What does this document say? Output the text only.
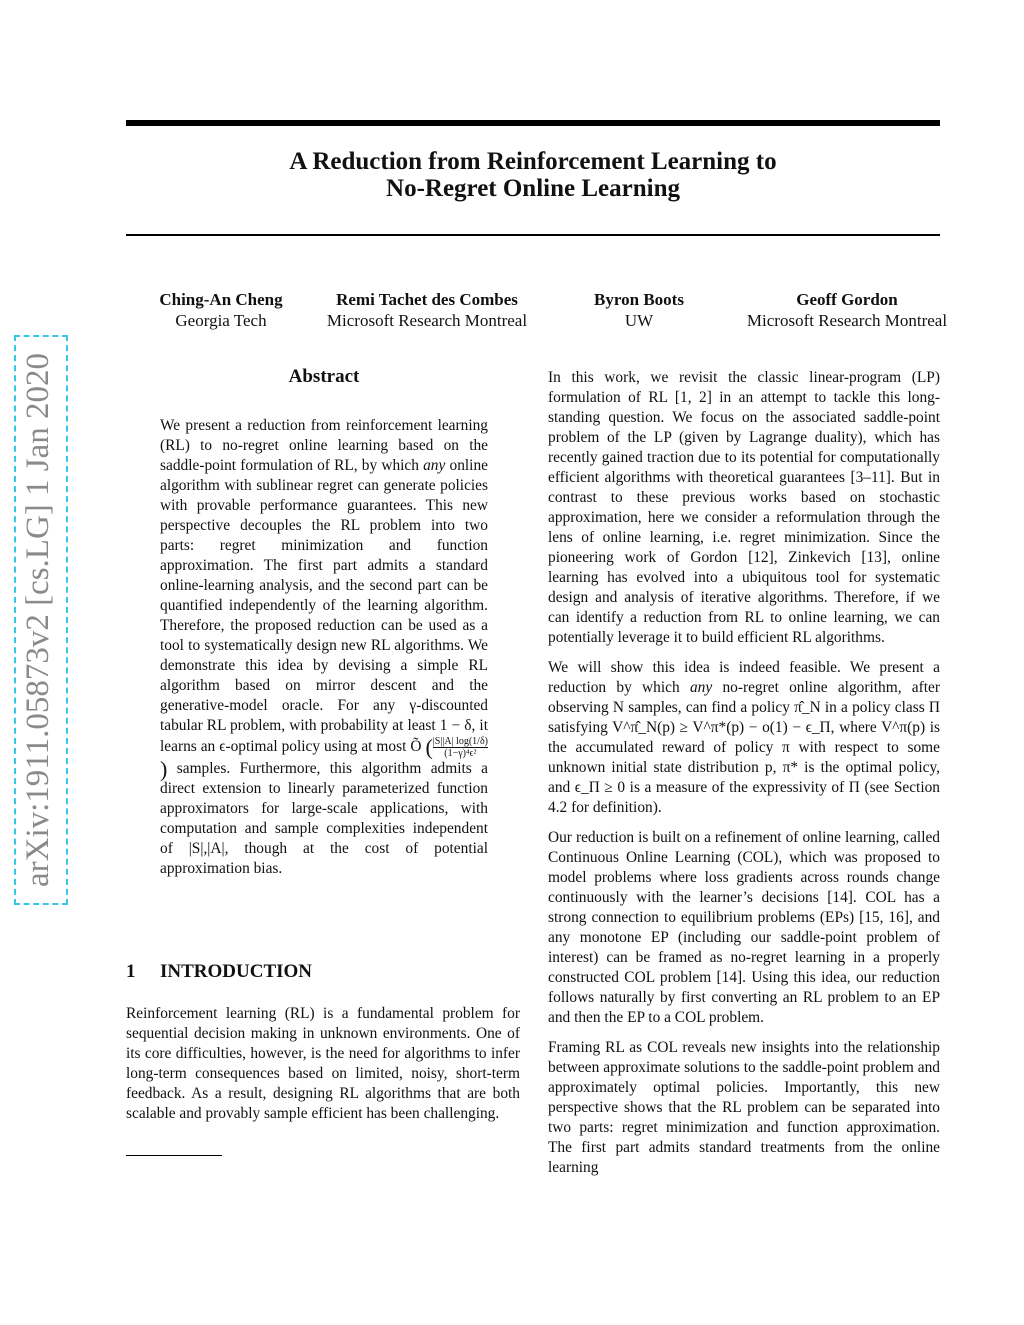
A Reduction from Reinforcement Learning to
No-Regret Online Learning
Ching-An Cheng
Georgia Tech
Remi Tachet des Combes
Microsoft Research Montreal
Byron Boots
UW
Geoff Gordon
Microsoft Research Montreal
arXiv:1911.05873v2 [cs.LG] 1 Jan 2020	Abstract
We present a reduction from reinforcement learning (RL) to no-regret online learning based on the saddle-point formulation of RL, by which any online algorithm with sublinear regret can generate policies with provable performance guarantees. This new perspective decouples the RL problem into two parts: regret minimization and function approximation. The first part admits a standard online-learning analysis, and the second part can be quantified independently of the learning algorithm. Therefore, the proposed reduction can be used as a tool to systematically design new RL algorithms. We demonstrate this idea by devising a simple RL algorithm based on mirror descent and the generative-model oracle. For any γ-discounted tabular RL problem, with probability at least 1 − δ, it learns an ϵ-optimal policy using at most Õ ( $\frac{|S||A| \log(1/\delta)}{\text{(1−γ)⁴ϵ²}}$) samples. Furthermore, this algorithm admits a direct extension to linearly parameterized function approximators for large-scale applications, with computation and sample complexities independent of |S|,|A|, though at the cost of potential approximation bias.
1 INTRODUCTION
Reinforcement learning (RL) is a fundamental problem for sequential decision making in unknown environments. One of its core difficulties, however, is the need for algorithms to infer long-term consequences based on limited, noisy, short-term feedback. As a result, designing RL algorithms that are both scalable and provably sample efficient has been challenging.

In this work, we revisit the classic linear-program (LP) formulation of RL [1, 2] in an attempt to tackle this long-standing question. We focus on the associated saddle-point problem of the LP (given by Lagrange duality), which has recently gained traction due to its potential for computationally efficient algorithms with theoretical guarantees [3–11]. But in contrast to these previous works based on stochastic approximation, here we consider a reformulation through the lens of online learning, i.e. regret minimization. Since the pioneering work of Gordon [12], Zinkevich [13], online learning has evolved into a ubiquitous tool for systematic design and analysis of iterative algorithms. Therefore, if we can identify a reduction from RL to online learning, we can potentially leverage it to build efficient RL algorithms.

We will show this idea is indeed feasible. We present a reduction by which any no-regret online algorithm, after observing N samples, can find a policy π̂_N in a policy class Π satisfying V^π̂_N(p) ≥ V^π*(p) − o(1) − ϵ_Π, where V^π(p) is the accumulated reward of policy π with respect to some unknown initial state distribution p, π* is the optimal policy, and ϵ_Π ≥ 0 is a measure of the expressivity of Π (see Section 4.2 for definition).

Our reduction is built on a refinement of online learning, called Continuous Online Learning (COL), which was proposed to model problems where loss gradients across rounds change continuously with the learner’s decisions [14]. COL has a strong connection to equilibrium problems (EPs) [15, 16], and any monotone EP (including our saddle-point problem of interest) can be framed as no-regret learning in a properly constructed COL problem [14]. Using this idea, our reduction follows naturally by first converting an RL problem to an EP and then the EP to a COL problem.

Framing RL as COL reveals new insights into the relationship between approximate solutions to the saddle-point problem and approximately optimal policies. Importantly, this new perspective shows that the RL problem can be separated into two parts: regret minimization and function approximation. The first part admits standard treatments from the online learning
